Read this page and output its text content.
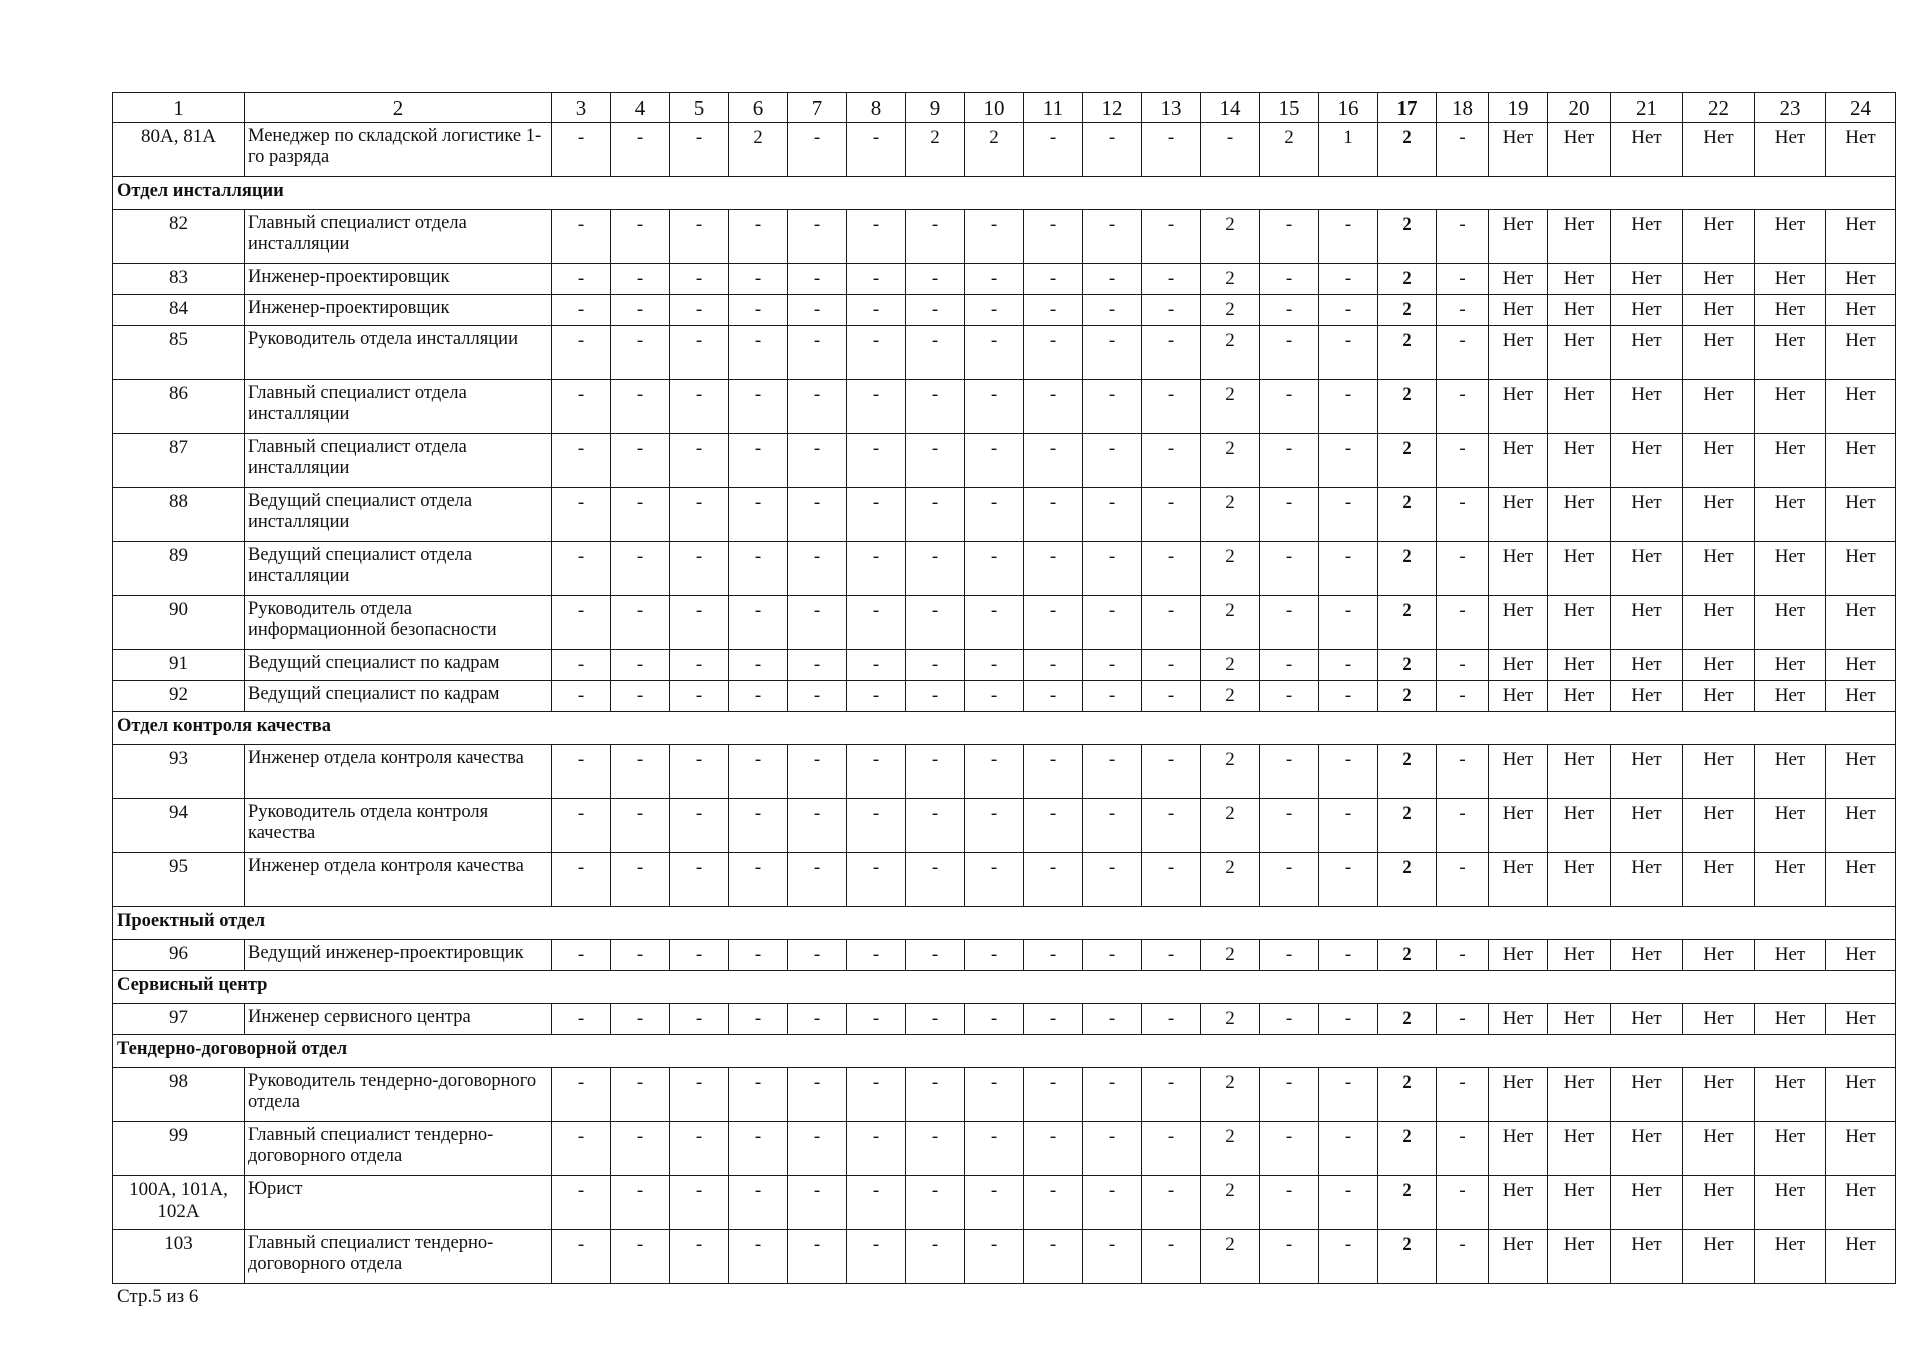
1	2	3	4	5	6	7	8	9	10	11	12	13	14	15	16	17	18	19	20	21	22	23	24
80А, 81А	Менеджер по складской логистике 1-го разряда	-	-	-	2	-	-	2	2	-	-	-	-	2	1	2	-	Нет	Нет	Нет	Нет	Нет	Нет
Отдел инсталляции																							
82	Главный специалист отдела инсталляции	-	-	-	-	-	-	-	-	-	-	-	2	-	-	2	-	Нет	Нет	Нет	Нет	Нет	Нет
83	Инженер-проектировщик	-	-	-	-	-	-	-	-	-	-	-	2	-	-	2	-	Нет	Нет	Нет	Нет	Нет	Нет
84	Инженер-проектировщик	-	-	-	-	-	-	-	-	-	-	-	2	-	-	2	-	Нет	Нет	Нет	Нет	Нет	Нет
85	Руководитель отдела инсталляции	-	-	-	-	-	-	-	-	-	-	-	2	-	-	2	-	Нет	Нет	Нет	Нет	Нет	Нет
86	Главный специалист отдела инсталляции	-	-	-	-	-	-	-	-	-	-	-	2	-	-	2	-	Нет	Нет	Нет	Нет	Нет	Нет
87	Главный специалист отдела инсталляции	-	-	-	-	-	-	-	-	-	-	-	2	-	-	2	-	Нет	Нет	Нет	Нет	Нет	Нет
88	Ведущий специалист отдела инсталляции	-	-	-	-	-	-	-	-	-	-	-	2	-	-	2	-	Нет	Нет	Нет	Нет	Нет	Нет
89	Ведущий специалист отдела инсталляции	-	-	-	-	-	-	-	-	-	-	-	2	-	-	2	-	Нет	Нет	Нет	Нет	Нет	Нет
90	Руководитель отдела информационной безопасности	-	-	-	-	-	-	-	-	-	-	-	2	-	-	2	-	Нет	Нет	Нет	Нет	Нет	Нет
91	Ведущий специалист по кадрам	-	-	-	-	-	-	-	-	-	-	-	2	-	-	2	-	Нет	Нет	Нет	Нет	Нет	Нет
92	Ведущий специалист по кадрам	-	-	-	-	-	-	-	-	-	-	-	2	-	-	2	-	Нет	Нет	Нет	Нет	Нет	Нет
Отдел контроля качества																							
93	Инженер отдела контроля качества	-	-	-	-	-	-	-	-	-	-	-	2	-	-	2	-	Нет	Нет	Нет	Нет	Нет	Нет
94	Руководитель отдела контроля качества	-	-	-	-	-	-	-	-	-	-	-	2	-	-	2	-	Нет	Нет	Нет	Нет	Нет	Нет
95	Инженер отдела контроля качества	-	-	-	-	-	-	-	-	-	-	-	2	-	-	2	-	Нет	Нет	Нет	Нет	Нет	Нет
Проектный отдел																							
96	Ведущий инженер-проектировщик	-	-	-	-	-	-	-	-	-	-	-	2	-	-	2	-	Нет	Нет	Нет	Нет	Нет	Нет
Сервисный центр																							
97	Инженер сервисного центра	-	-	-	-	-	-	-	-	-	-	-	2	-	-	2	-	Нет	Нет	Нет	Нет	Нет	Нет
Тендерно-договорной отдел																							
98	Руководитель тендерно-договорного отдела	-	-	-	-	-	-	-	-	-	-	-	2	-	-	2	-	Нет	Нет	Нет	Нет	Нет	Нет
99	Главный специалист тендерно-договорного отдела	-	-	-	-	-	-	-	-	-	-	-	2	-	-	2	-	Нет	Нет	Нет	Нет	Нет	Нет
100А, 101А, 102А	Юрист	-	-	-	-	-	-	-	-	-	-	-	2	-	-	2	-	Нет	Нет	Нет	Нет	Нет	Нет
103	Главный специалист тендерно-договорного отдела	-	-	-	-	-	-	-	-	-	-	-	2	-	-	2	-	Нет	Нет	Нет	Нет	Нет	Нет
Стр.5 из 6
